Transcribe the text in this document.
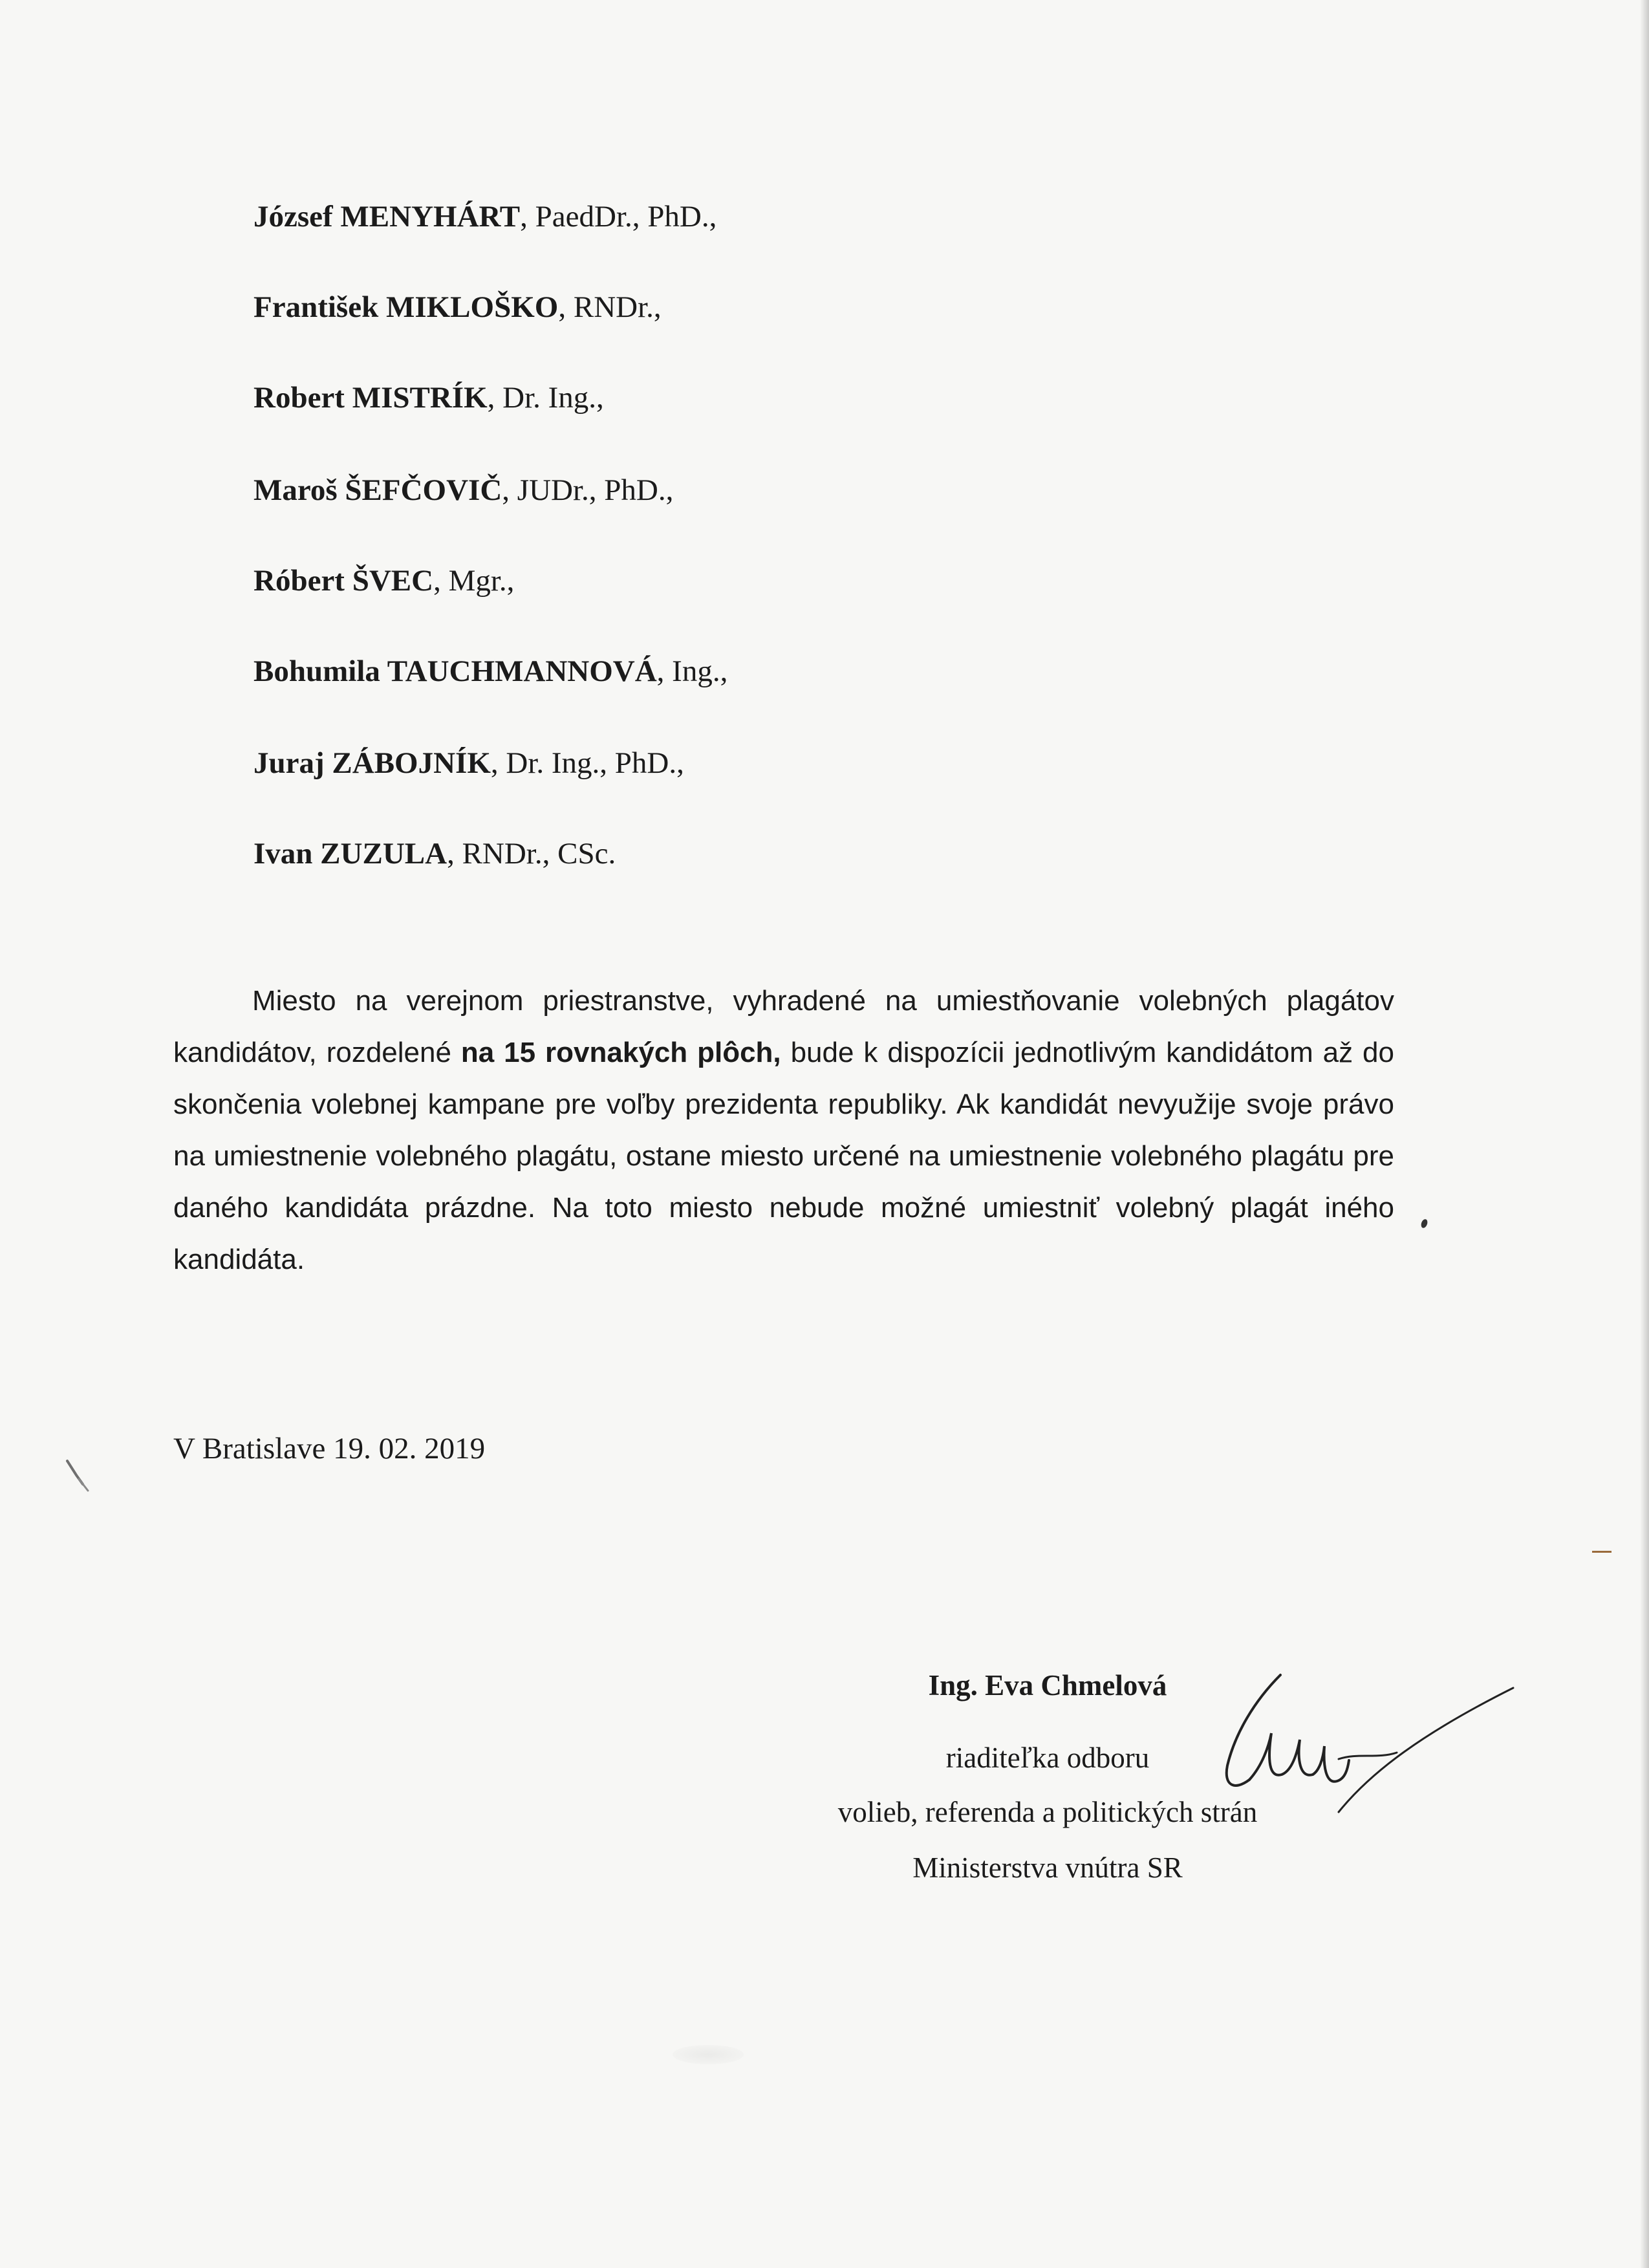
József MENYHÁRT, PaedDr., PhD.,
František MIKLOŠKO, RNDr.,
Robert MISTRÍK, Dr. Ing.,
Maroš ŠEFČOVIČ, JUDr., PhD.,
Róbert ŠVEC, Mgr.,
Bohumila TAUCHMANNOVÁ, Ing.,
Juraj ZÁBOJNÍK, Dr. Ing., PhD.,
Ivan ZUZULA, RNDr., CSc.

Miesto na verejnom priestranstve, vyhradené na umiestňovanie volebných plagátov kandidátov, rozdelené na 15 rovnakých plôch, bude k dispozícii jednotlivým kandidátom až do skončenia volebnej kampane pre voľby prezidenta republiky. Ak kandidát nevyužije svoje právo na umiestnenie volebného plagátu, ostane miesto určené na umiestnenie volebného plagátu pre daného kandidáta prázdne. Na toto miesto nebude možné umiestniť volebný plagát iného kandidáta.

V Bratislave 19. 02. 2019
Ing. Eva Chmelová
riaditeľka odboru
volieb, referenda a politických strán
Ministerstva vnútra SR
